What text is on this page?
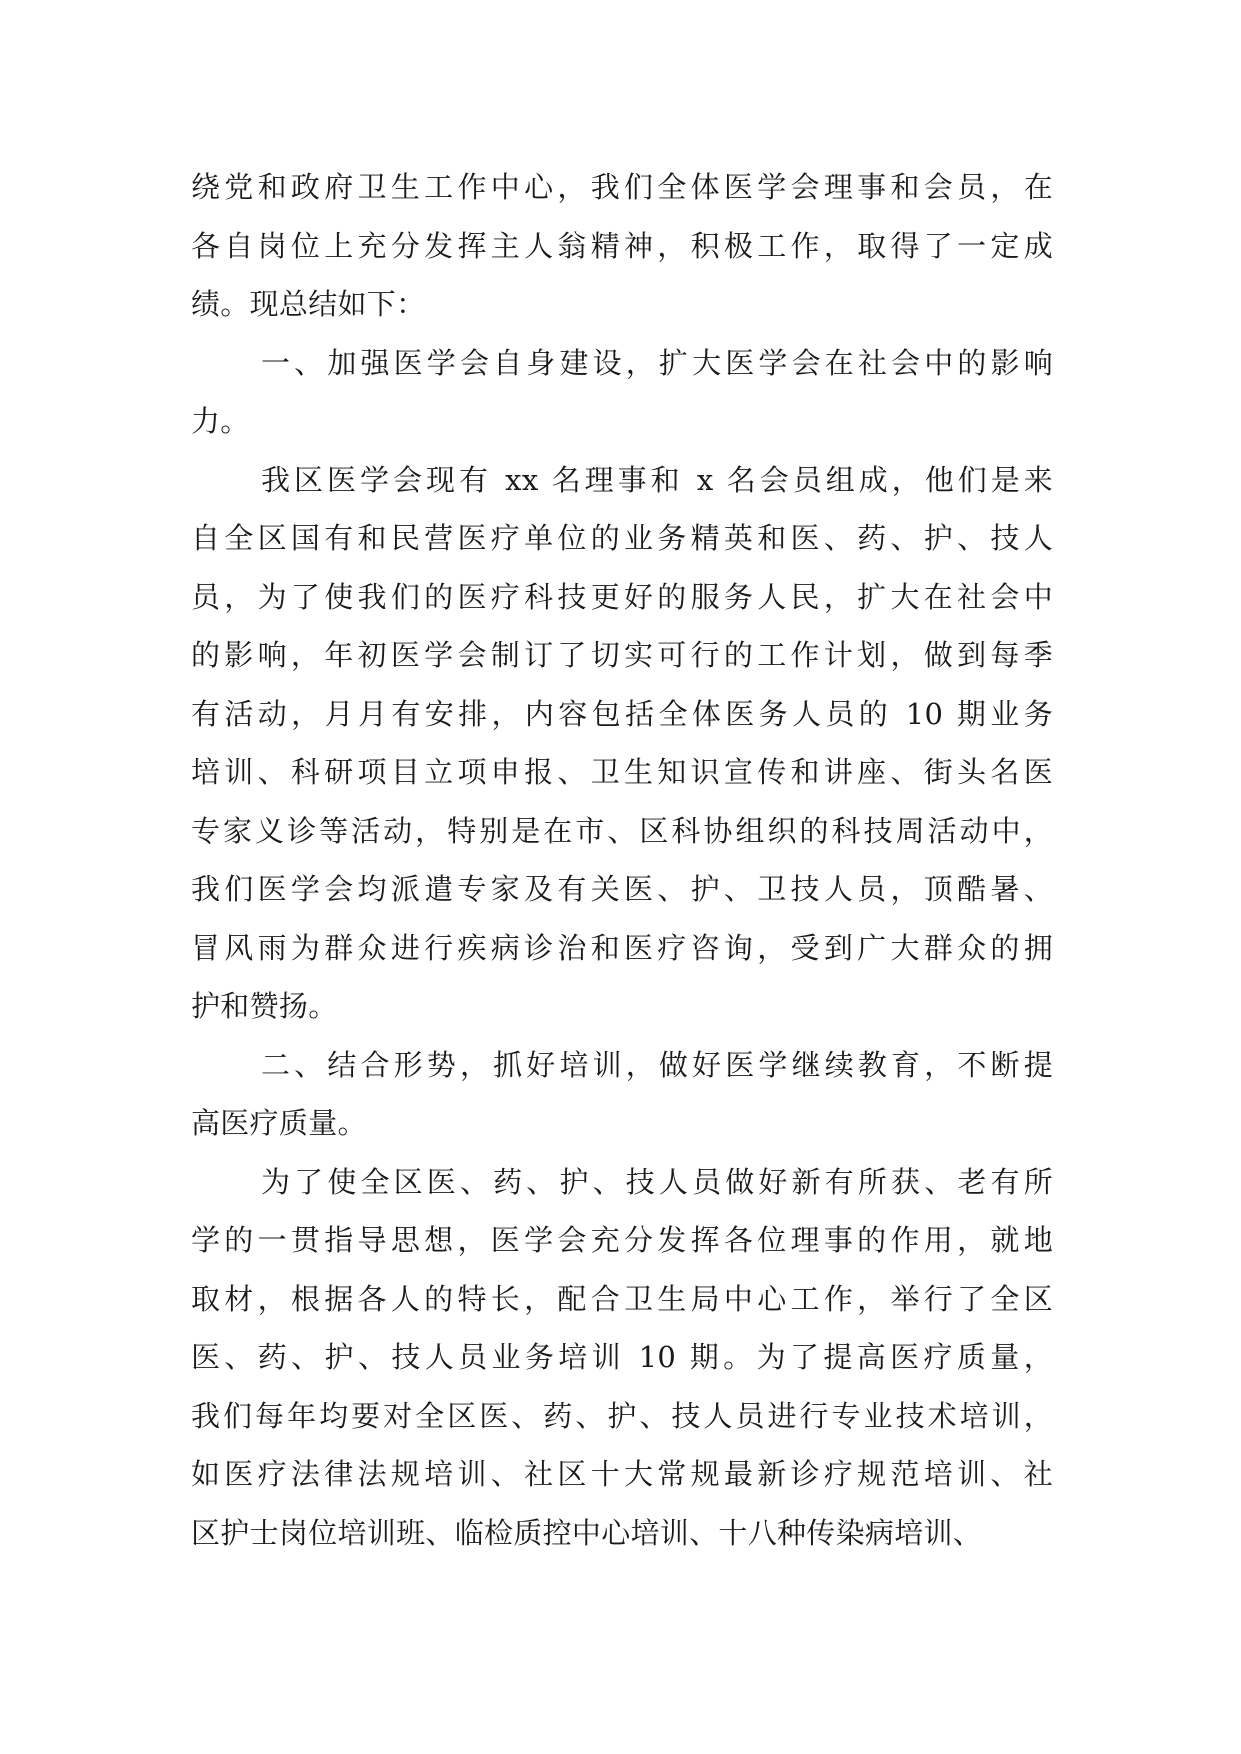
绕党和政府卫生工作中心，我们全体医学会理事和会员，在
各自岗位上充分发挥主人翁精神，积极工作，取得了一定成
绩。现总结如下：
一、加强医学会自身建设，扩大医学会在社会中的影响
力。
我区医学会现有 xx 名理事和 x 名会员组成，他们是来
自全区国有和民营医疗单位的业务精英和医、药、护、技人
员，为了使我们的医疗科技更好的服务人民，扩大在社会中
的影响，年初医学会制订了切实可行的工作计划，做到每季
有活动，月月有安排，内容包括全体医务人员的 10 期业务
培训、科研项目立项申报、卫生知识宣传和讲座、街头名医
专家义诊等活动，特别是在市、区科协组织的科技周活动中，
我们医学会均派遣专家及有关医、护、卫技人员，顶酷暑、
冒风雨为群众进行疾病诊治和医疗咨询，受到广大群众的拥
护和赞扬。
二、结合形势，抓好培训，做好医学继续教育，不断提
高医疗质量。
为了使全区医、药、护、技人员做好新有所获、老有所
学的一贯指导思想，医学会充分发挥各位理事的作用，就地
取材，根据各人的特长，配合卫生局中心工作，举行了全区
医、药、护、技人员业务培训 10 期。为了提高医疗质量，
我们每年均要对全区医、药、护、技人员进行专业技术培训，
如医疗法律法规培训、社区十大常规最新诊疗规范培训、社
区护士岗位培训班、临检质控中心培训、十八种传染病培训、
